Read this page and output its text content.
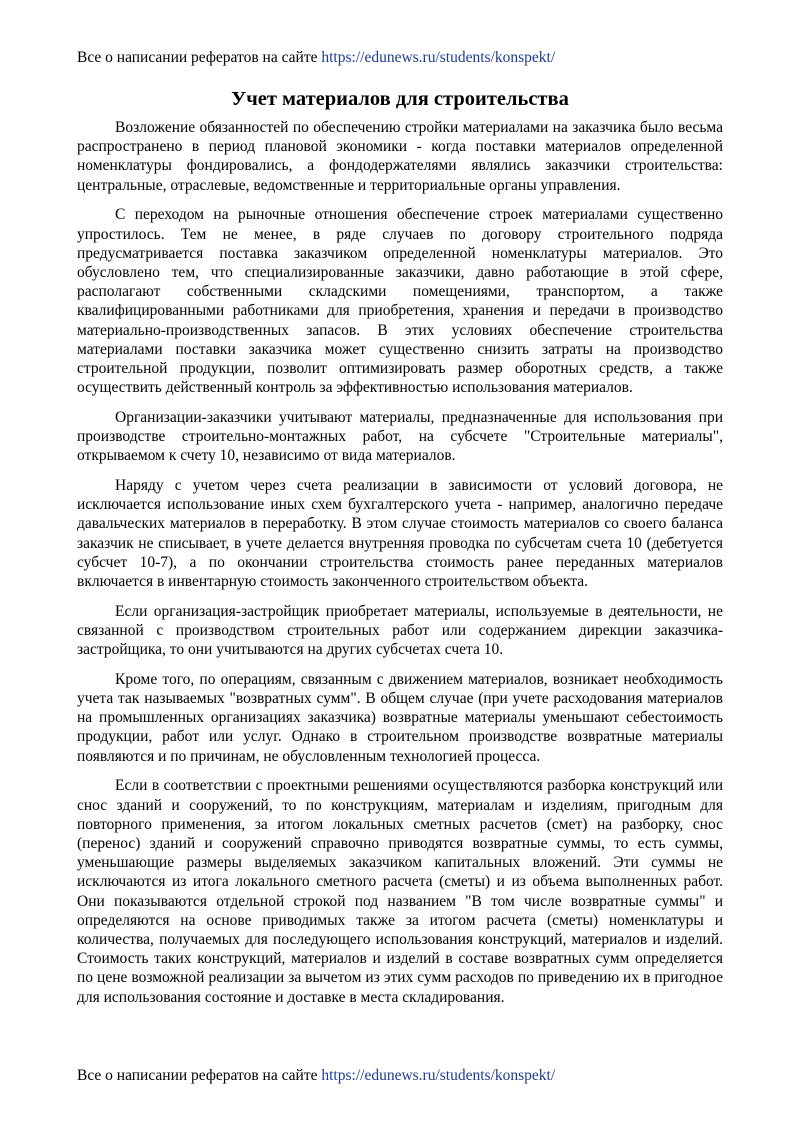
Все о написании рефератов на сайте https://edunews.ru/students/konspekt/
Учет материалов для строительства

Возложение обязанностей по обеспечению стройки материалами на заказчика было весьма распространено в период плановой экономики - когда поставки материалов определенной номенклатуры фондировались, а фондодержателями являлись заказчики строительства: центральные, отраслевые, ведомственные и территориальные органы управления.

С переходом на рыночные отношения обеспечение строек материалами существенно упростилось. Тем не менее, в ряде случаев по договору строительного подряда предусматривается поставка заказчиком определенной номенклатуры материалов. Это обусловлено тем, что специализированные заказчики, давно работающие в этой сфере, располагают собственными складскими помещениями, транспортом, а также квалифицированными работниками для приобретения, хранения и передачи в производство материально-производственных запасов. В этих условиях обеспечение строительства материалами поставки заказчика может существенно снизить затраты на производство строительной продукции, позволит оптимизировать размер оборотных средств, а также осуществить действенный контроль за эффективностью использования материалов.

Организации-заказчики учитывают материалы, предназначенные для использования при производстве строительно-монтажных работ, на субсчете "Строительные материалы", открываемом к счету 10, независимо от вида материалов.

Наряду с учетом через счета реализации в зависимости от условий договора, не исключается использование иных схем бухгалтерского учета - например, аналогично передаче давальческих материалов в переработку. В этом случае стоимость материалов со своего баланса заказчик не списывает, в учете делается внутренняя проводка по субсчетам счета 10 (дебетуется субсчет 10-7), а по окончании строительства стоимость ранее переданных материалов включается в инвентарную стоимость законченного строительством объекта.

Если организация-застройщик приобретает материалы, используемые в деятельности, не связанной с производством строительных работ или содержанием дирекции заказчика-застройщика, то они учитываются на других субсчетах счета 10.

Кроме того, по операциям, связанным с движением материалов, возникает необходимость учета так называемых "возвратных сумм". В общем случае (при учете расходования материалов на промышленных организациях заказчика) возвратные материалы уменьшают себестоимость продукции, работ или услуг. Однако в строительном производстве возвратные материалы появляются и по причинам, не обусловленным технологией процесса.

Если в соответствии с проектными решениями осуществляются разборка конструкций или снос зданий и сооружений, то по конструкциям, материалам и изделиям, пригодным для повторного применения, за итогом локальных сметных расчетов (смет) на разборку, снос (перенос) зданий и сооружений справочно приводятся возвратные суммы, то есть суммы, уменьшающие размеры выделяемых заказчиком капитальных вложений. Эти суммы не исключаются из итога локального сметного расчета (сметы) и из объема выполненных работ. Они показываются отдельной строкой под названием "В том числе возвратные суммы" и определяются на основе приводимых также за итогом расчета (сметы) номенклатуры и количества, получаемых для последующего использования конструкций, материалов и изделий. Стоимость таких конструкций, материалов и изделий в составе возвратных сумм определяется по цене возможной реализации за вычетом из этих сумм расходов по приведению их в пригодное для использования состояние и доставке в места складирования.

Все о написании рефератов на сайте https://edunews.ru/students/konspekt/
